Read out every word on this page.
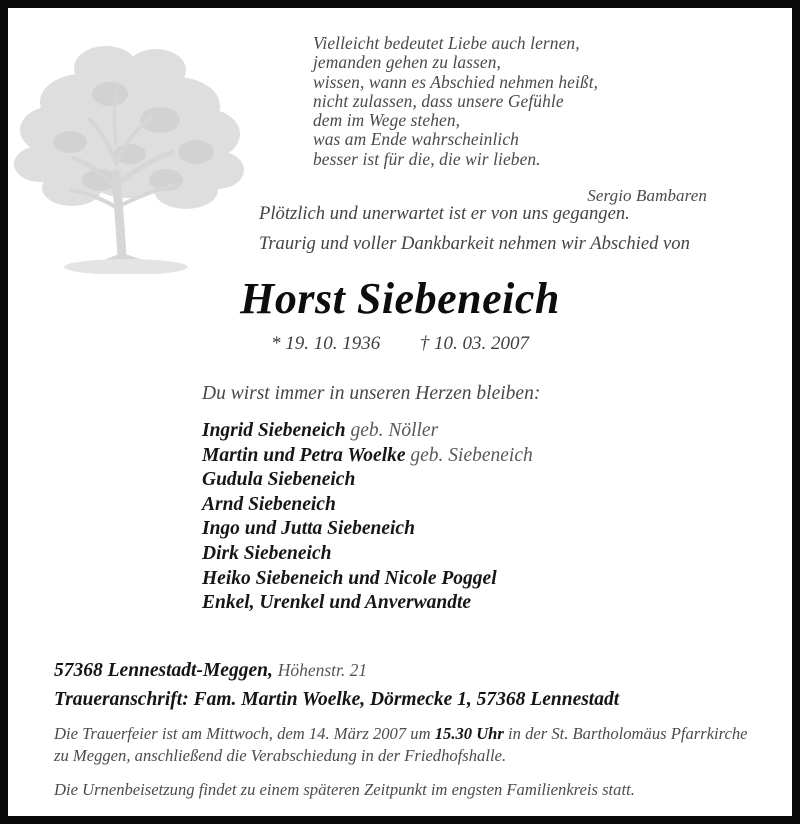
Vielleicht bedeutet Liebe auch lernen,
jemanden gehen zu lassen,
wissen, wann es Abschied nehmen heißt,
nicht zulassen, dass unsere Gefühle
dem im Wege stehen,
was am Ende wahrscheinlich
besser ist für die, die wir lieben.
Sergio Bambaren
Plötzlich und unerwartet ist er von uns gegangen.
Traurig und voller Dankbarkeit nehmen wir Abschied von
Horst Siebeneich
* 19. 10. 1936 † 10. 03. 2007
Du wirst immer in unseren Herzen bleiben:
Ingrid Siebeneich geb. Nöller
Martin und Petra Woelke geb. Siebeneich
Gudula Siebeneich
Arnd Siebeneich
Ingo und Jutta Siebeneich
Dirk Siebeneich
Heiko Siebeneich und Nicole Poggel
Enkel, Urenkel und Anverwandte
57368 Lennestadt-Meggen, Höhenstr. 21
Traueranschrift: Fam. Martin Woelke, Dörmecke 1, 57368 Lennestadt

Die Trauerfeier ist am Mittwoch, dem 14. März 2007 um 15.30 Uhr in der St. Bartholomäus Pfarrkirche zu Meggen, anschließend die Verabschiedung in der Friedhofshalle.

Die Urnenbeisetzung findet zu einem späteren Zeitpunkt im engsten Familienkreis statt.
